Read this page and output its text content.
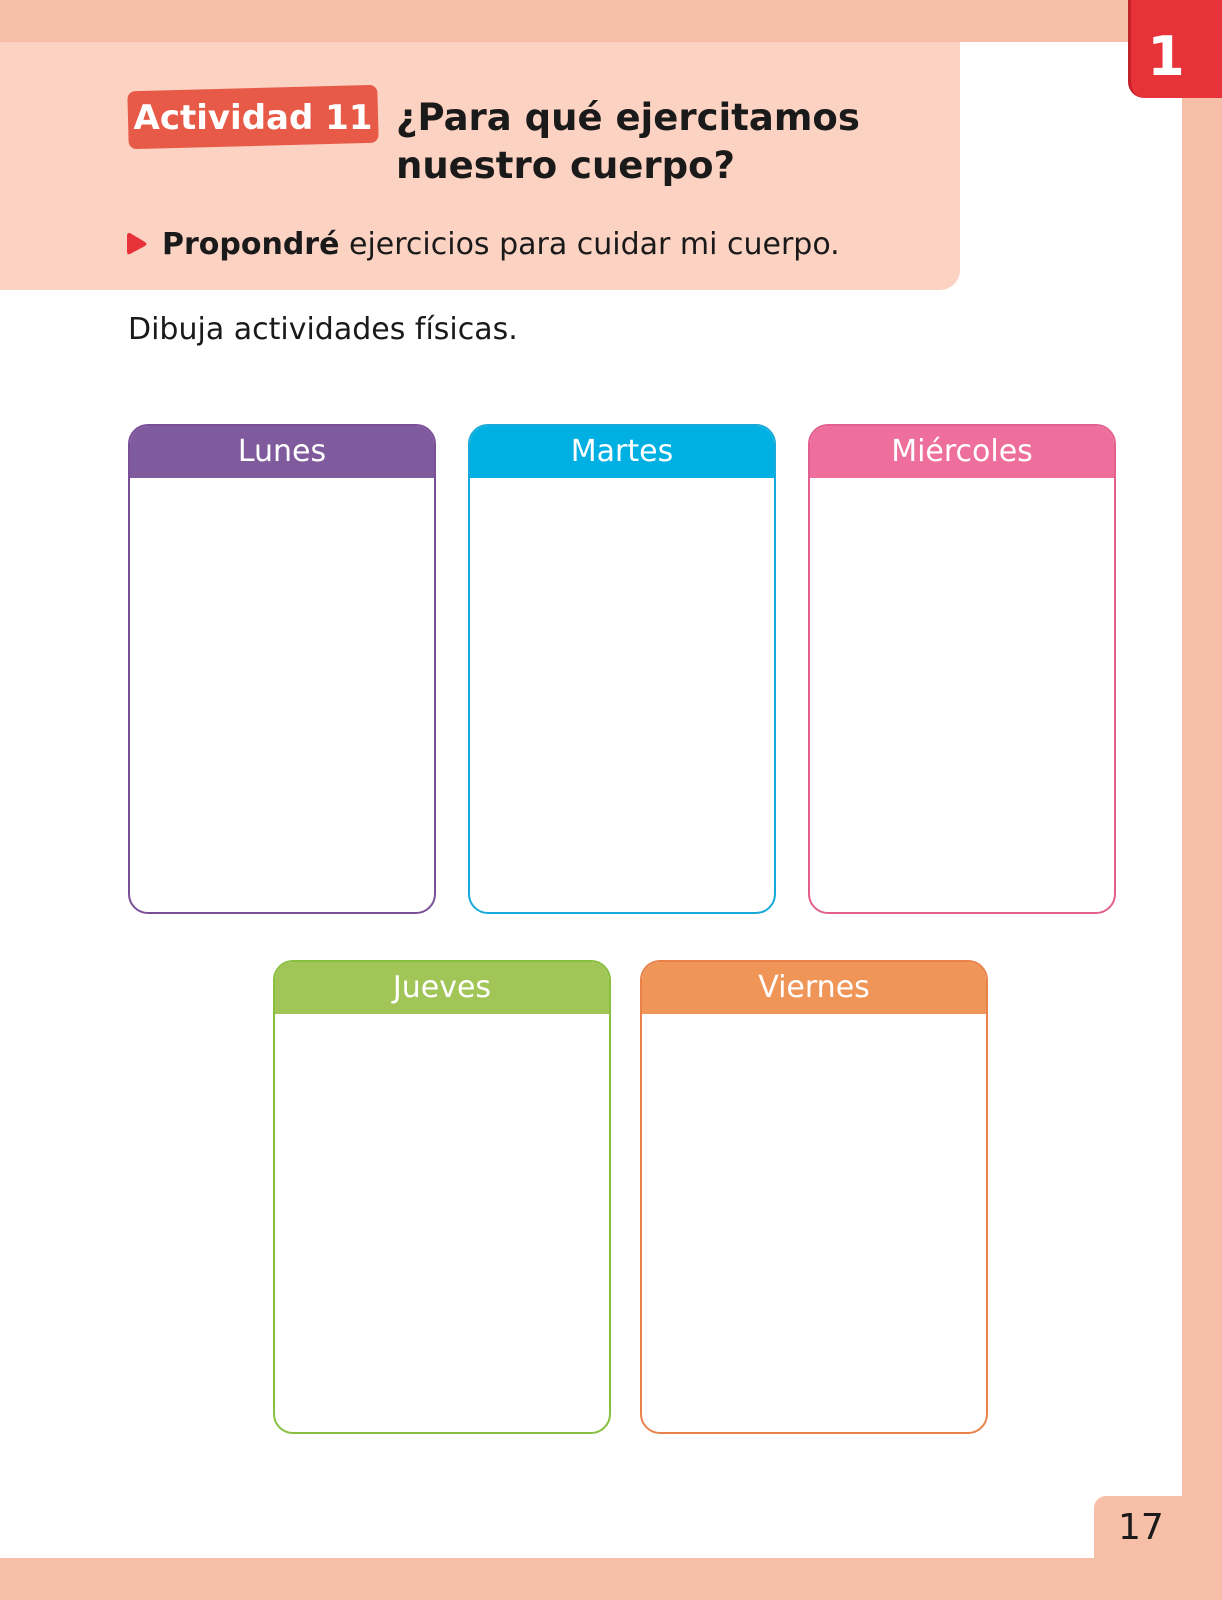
1
Actividad 11 ¿Para qué ejercitamos nuestro cuerpo?
Propondré ejercicios para cuidar mi cuerpo.
Dibuja actividades físicas.
Lunes	Martes	Miércoles
Jueves	Viernes
17
